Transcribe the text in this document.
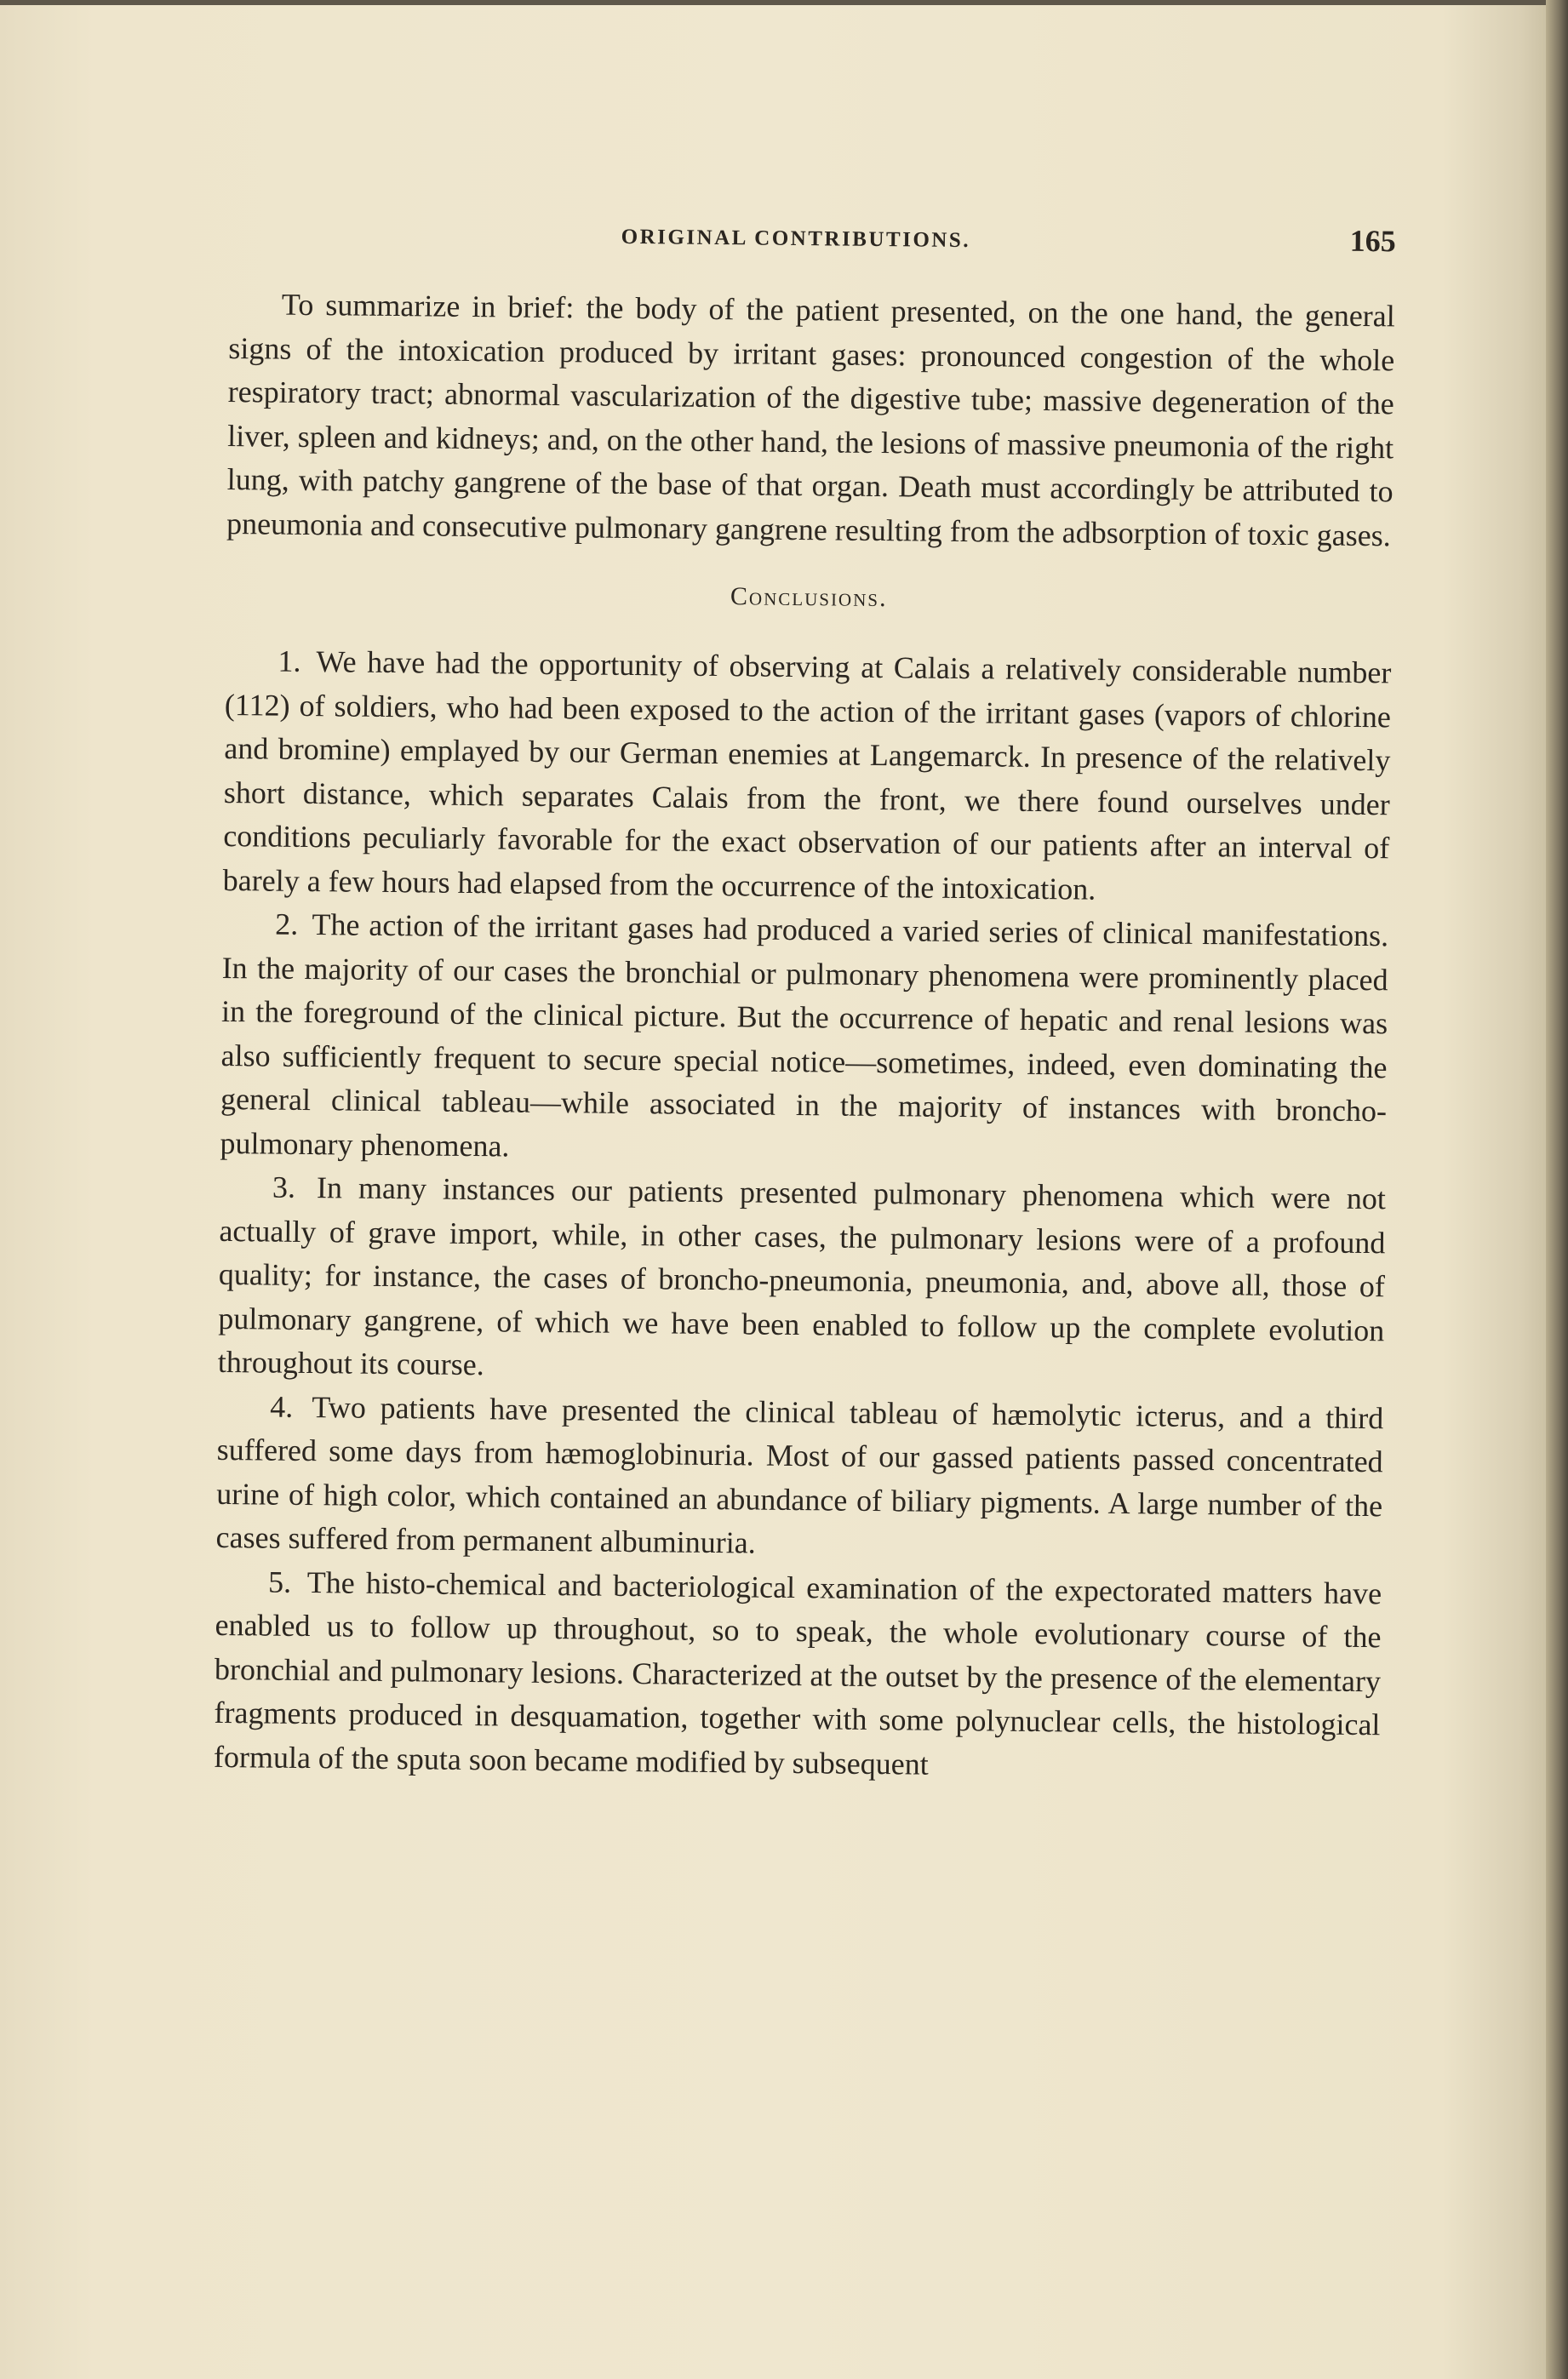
ORIGINAL CONTRIBUTIONS.	165

To summarize in brief: the body of the patient presented, on the one hand, the general signs of the intoxication produced by irritant gases: pronounced congestion of the whole respiratory tract; abnormal vascularization of the digestive tube; massive degeneration of the liver, spleen and kidneys; and, on the other hand, the lesions of massive pneumonia of the right lung, with patchy gangrene of the base of that organ. Death must accordingly be attributed to pneumonia and consecutive pulmonary gangrene resulting from the adbsorption of toxic gases.

Conclusions.

1. We have had the opportunity of observing at Calais a relatively considerable number (112) of soldiers, who had been exposed to the action of the irritant gases (vapors of chlorine and bromine) emplayed by our German enemies at Langemarck. In presence of the relatively short distance, which separates Calais from the front, we there found ourselves under conditions peculiarly favorable for the exact observation of our patients after an interval of barely a few hours had elapsed from the occurrence of the intoxication.

2. The action of the irritant gases had produced a varied series of clinical manifestations. In the majority of our cases the bronchial or pulmonary phenomena were prominently placed in the foreground of the clinical picture. But the occurrence of hepatic and renal lesions was also sufficiently frequent to secure special notice—sometimes, indeed, even dominating the general clinical tableau—while associated in the majority of instances with broncho-pulmonary phenomena.

3. In many instances our patients presented pulmonary phenomena which were not actually of grave import, while, in other cases, the pulmonary lesions were of a profound quality; for instance, the cases of broncho-pneumonia, pneumonia, and, above all, those of pulmonary gangrene, of which we have been enabled to follow up the complete evolution throughout its course.

4. Two patients have presented the clinical tableau of hæmolytic icterus, and a third suffered some days from hæmoglobinuria. Most of our gassed patients passed concentrated urine of high color, which contained an abundance of biliary pigments. A large number of the cases suffered from permanent albuminuria.

5. The histo-chemical and bacteriological examination of the expectorated matters have enabled us to follow up throughout, so to speak, the whole evolutionary course of the bronchial and pulmonary lesions. Characterized at the outset by the presence of the elementary fragments produced in desquamation, together with some polynuclear cells, the histological formula of the sputa soon became modified by subsequent
